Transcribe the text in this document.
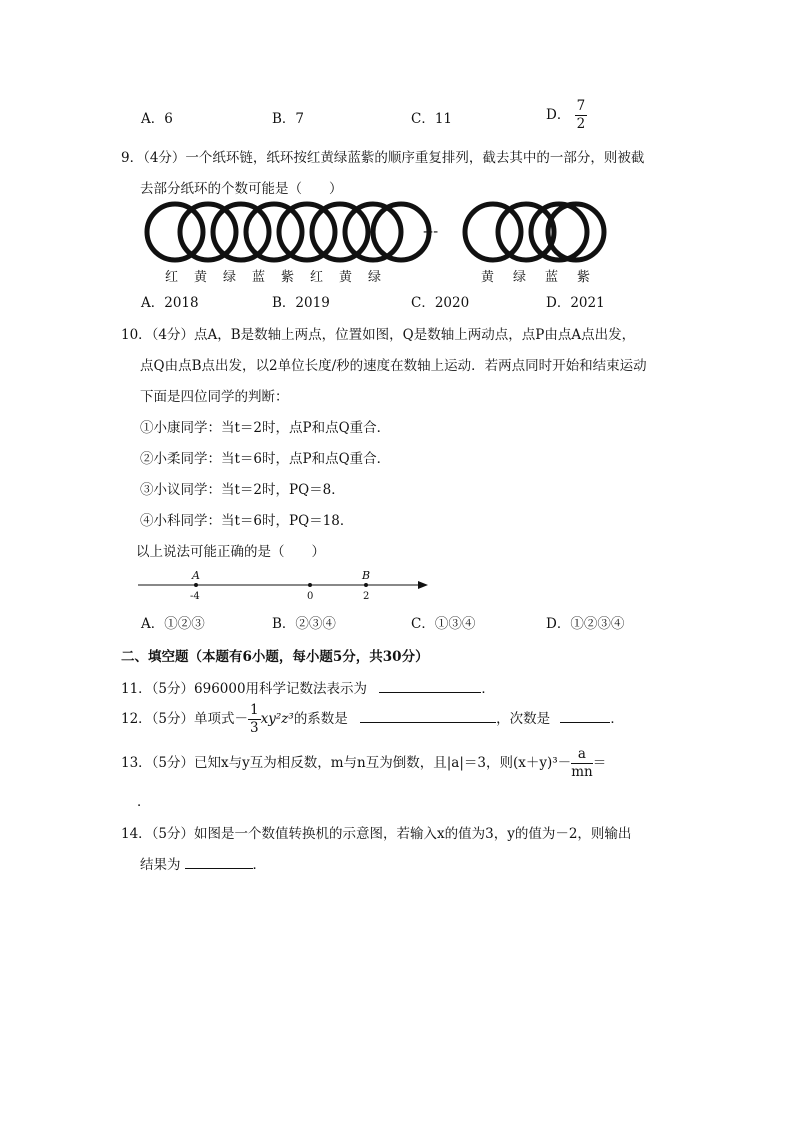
A．6	B．7	C．11	D． $\frac{7}{2}$
9．（4分）一个纸环链，纸环按红黄绿蓝紫的顺序重复排列，截去其中的一部分，则被截
去部分纸环的个数可能是（　　）
---
红 黄 绿 蓝 紫 红 黄 绿	黄 绿 蓝 紫
A．2018	B．2019	C．2020	D．2021
10．（4分）点A，B是数轴上两点，位置如图，Q是数轴上两动点，点P由点A点出发，
点Q由点B点出发，以2单位长度/秒的速度在数轴上运动．若两点同时开始和结束运动
下面是四位同学的判断：
①小康同学：当t＝2时，点P和点Q重合．
②小柔同学：当t＝6时，点P和点Q重合．
③小议同学：当t＝2时，PQ＝8．
④小科同学：当t＝6时，PQ＝18．
以上说法可能正确的是（　　）
A	B
-4	0	2
A．①②③	B．②③④	C．①③④	D．①②③④
二、填空题（本题有6小题，每小题5分，共30分）
11．（5分）696000用科学记数法表示为	．
12．（5分）单项式－ $\frac{1}{3} xy^2z^3$的系数是	，次数是	．
13．（5分）已知x与y互为相反数，m与n互为倒数，且|a|＝3，则$(x+y)^3- \frac{a}{mn}$ ＝
．
14．（5分）如图是一个数值转换机的示意图，若输入x的值为3，y的值为－2，则输出
结果为	．
